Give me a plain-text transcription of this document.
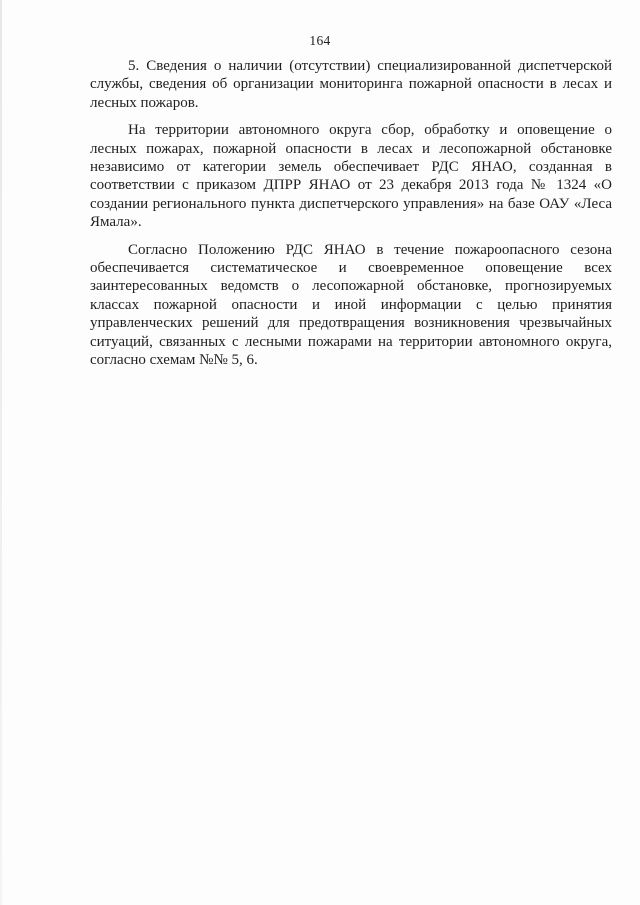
164

5. Сведения о наличии (отсутствии) специализированной диспетчерской службы, сведения об организации мониторинга пожарной опасности в лесах и лесных пожаров.

На территории автономного округа сбор, обработку и оповещение о лесных пожарах, пожарной опасности в лесах и лесопожарной обстановке независимо от категории земель обеспечивает РДС ЯНАО, созданная в соответствии с приказом ДПРР ЯНАО от 23 декабря 2013 года № 1324 «О создании регионального пункта диспетчерского управления» на базе ОАУ «Леса Ямала».

Согласно Положению РДС ЯНАО в течение пожароопасного сезона обеспечивается систематическое и своевременное оповещение всех заинтересованных ведомств о лесопожарной обстановке, прогнозируемых классах пожарной опасности и иной информации с целью принятия управленческих решений для предотвращения возникновения чрезвычайных ситуаций, связанных с лесными пожарами на территории автономного округа, согласно схемам №№ 5, 6.
